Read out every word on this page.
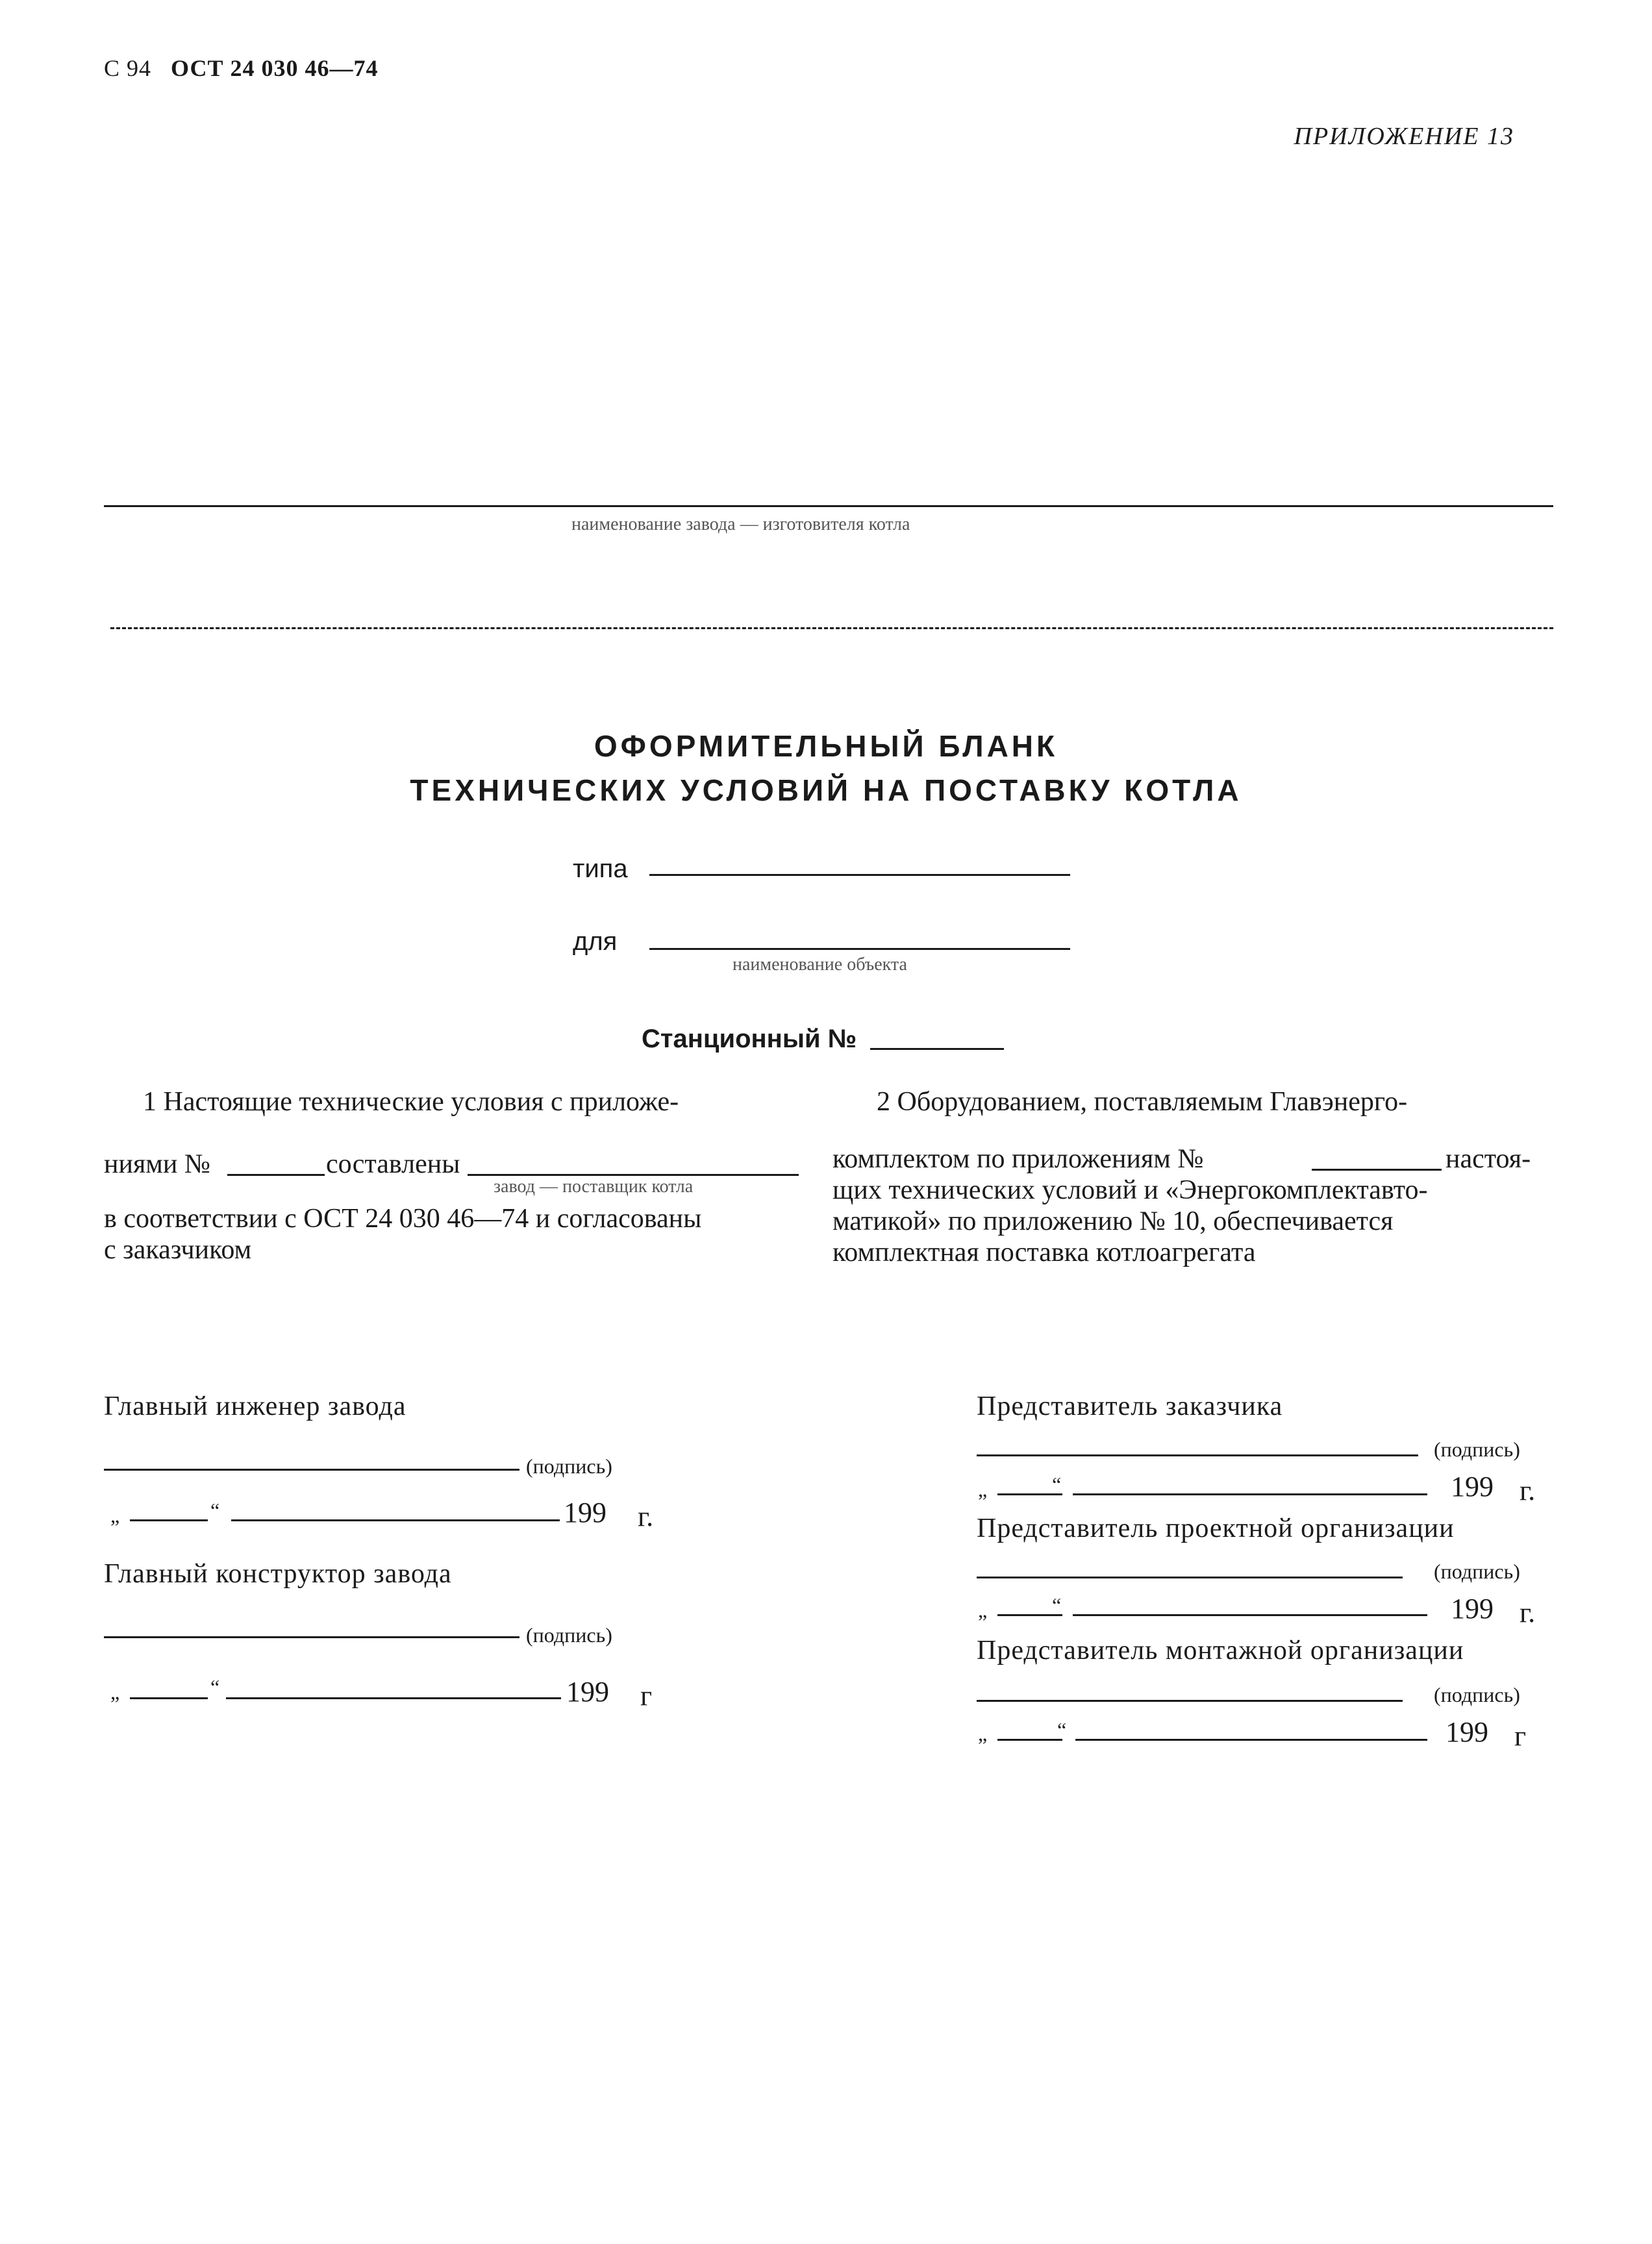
С 94 ОСТ 24 030 46—74
ПРИЛОЖЕНИЕ 13
наименование завода — изготовителя котла
ОФОРМИТЕЛЬНЫЙ БЛАНК
ТЕХНИЧЕСКИХ УСЛОВИЙ НА ПОСТАВКУ КОТЛА
типа
для
наименование объекта
Станционный №
1 Настоящие технические условия с приложе-
ниями №	составлены
завод — поставщик котла
в соответствии с ОСТ 24 030 46—74 и согласованы
с заказчиком
2 Оборудованием, поставляемым Главэнерго-
комплектом по приложениям №	настоя-
щих технических условий и «Энергокомплектавто-
матикой» по приложению № 10, обеспечивается
комплектная поставка котлоагрегата
Главный инженер завода
(подпись)
„	“	199 г.
Главный конструктор завода
(подпись)
„	“	199 г
Представитель заказчика
(подпись)
„	“	199 г.
Представитель проектной организации
(подпись)
„	“	199 г.
Представитель монтажной организации
(подпись)
„	“	199 г
